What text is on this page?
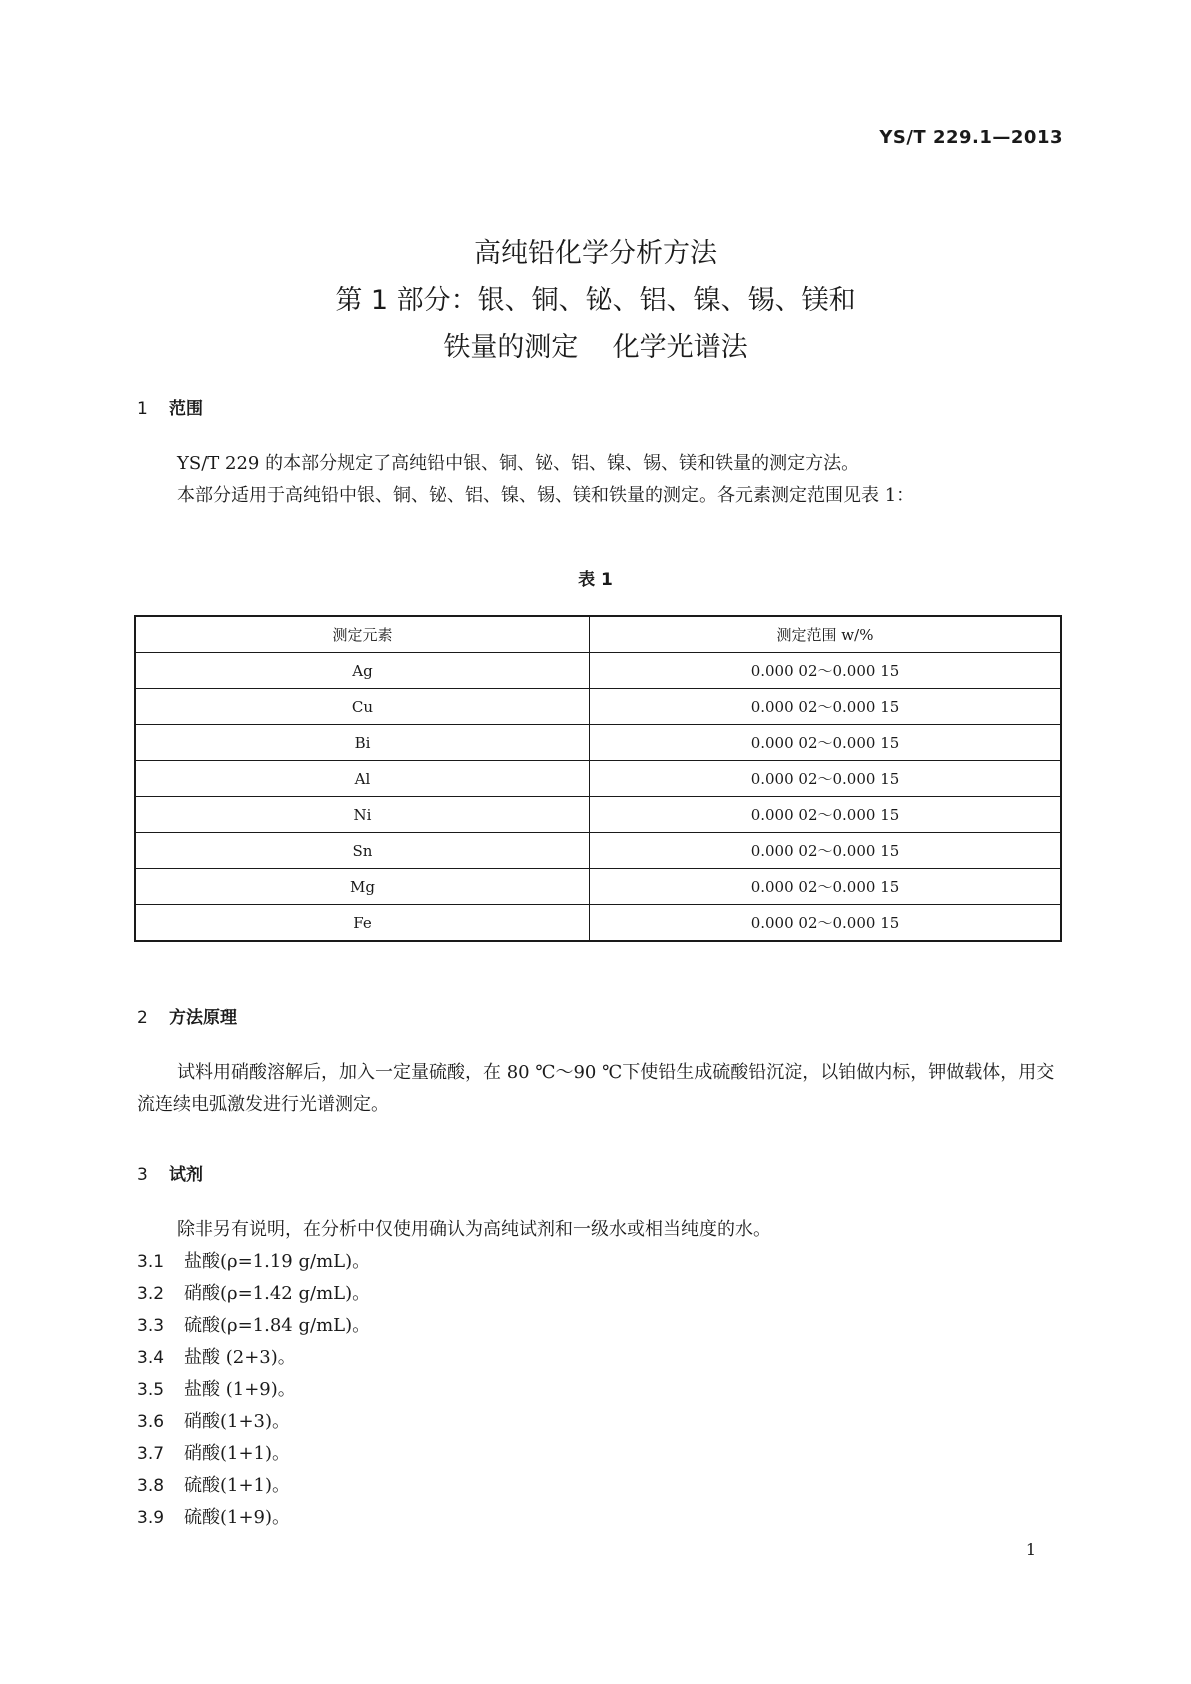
YS/T 229.1—2013
高纯铅化学分析方法
第 1 部分：银、铜、铋、铝、镍、锡、镁和
铁量的测定    化学光谱法
1 范围
YS/T 229 的本部分规定了高纯铅中银、铜、铋、铝、镍、锡、镁和铁量的测定方法。
本部分适用于高纯铅中银、铜、铋、铝、镍、锡、镁和铁量的测定。各元素测定范围见表 1：
表 1
测定元素	测定范围 w/%
Ag	0.000 02～0.000 15
Cu	0.000 02～0.000 15
Bi	0.000 02～0.000 15
Al	0.000 02～0.000 15
Ni	0.000 02～0.000 15
Sn	0.000 02～0.000 15
Mg	0.000 02～0.000 15
Fe	0.000 02～0.000 15
2 方法原理
试料用硝酸溶解后，加入一定量硫酸，在 80 ℃～90 ℃下使铅生成硫酸铅沉淀，以铂做内标，钾做载体，用交流连续电弧激发进行光谱测定。
3 试剂
除非另有说明，在分析中仅使用确认为高纯试剂和一级水或相当纯度的水。
3.1 盐酸(ρ=1.19 g/mL)。
3.2 硝酸(ρ=1.42 g/mL)。
3.3 硫酸(ρ=1.84 g/mL)。
3.4 盐酸 (2+3)。
3.5 盐酸 (1+9)。
3.6 硝酸(1+3)。
3.7 硝酸(1+1)。
3.8 硫酸(1+1)。
3.9 硫酸(1+9)。
1
